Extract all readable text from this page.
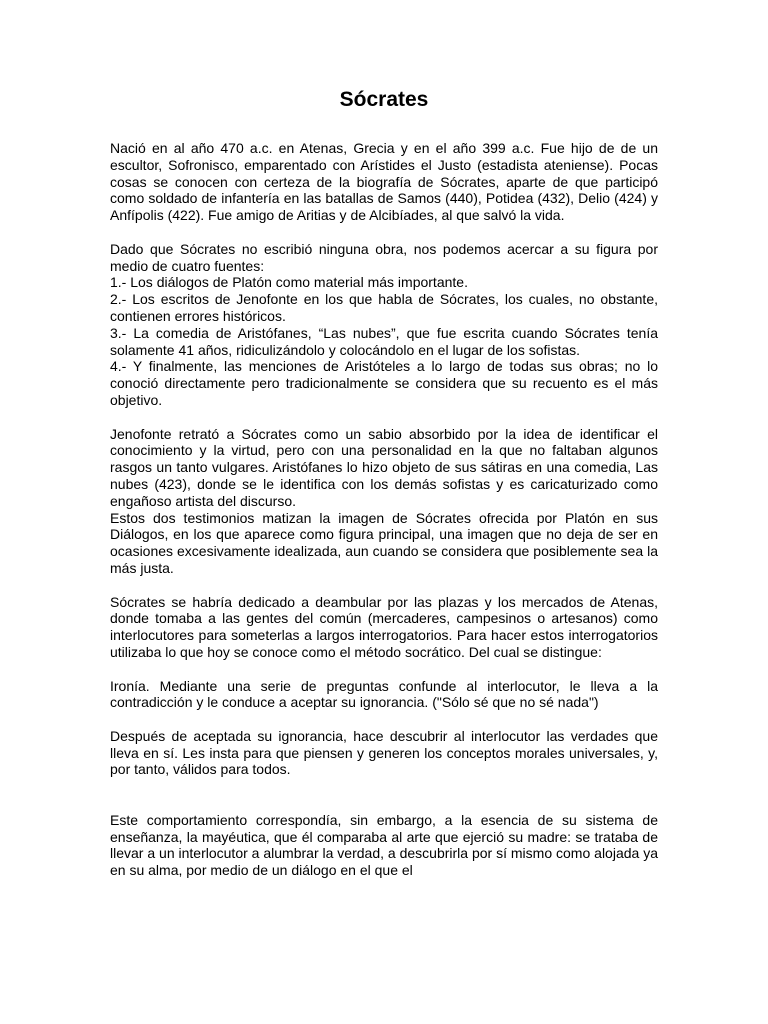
Sócrates
Nació en al año 470 a.c. en Atenas, Grecia y en el año 399 a.c. Fue hijo de de un escultor, Sofronisco, emparentado con Arístides el Justo (estadista ateniense). Pocas cosas se conocen con certeza de la biografía de Sócrates, aparte de que participó como soldado de infantería en las batallas de Samos (440), Potidea (432), Delio (424) y Anfípolis (422). Fue amigo de Aritias y de Alcibíades, al que salvó la vida.
Dado que Sócrates no escribió ninguna obra, nos podemos acercar a su figura por medio de cuatro fuentes:
1.- Los diálogos de Platón como material más importante.
2.- Los escritos de Jenofonte en los que habla de Sócrates, los cuales, no obstante, contienen errores históricos.
3.- La comedia de Aristófanes, “Las nubes”, que fue escrita cuando Sócrates tenía solamente 41 años, ridiculizándolo y colocándolo en el lugar de los sofistas.
4.- Y finalmente, las menciones de Aristóteles a lo largo de todas sus obras; no lo conoció directamente pero tradicionalmente se considera que su recuento es el más objetivo.
Jenofonte retrató a Sócrates como un sabio absorbido por la idea de identificar el conocimiento y la virtud, pero con una personalidad en la que no faltaban algunos rasgos un tanto vulgares. Aristófanes lo hizo objeto de sus sátiras en una comedia, Las nubes (423), donde se le identifica con los demás sofistas y es caricaturizado como engañoso artista del discurso.
Estos dos testimonios matizan la imagen de Sócrates ofrecida por Platón en sus Diálogos, en los que aparece como figura principal, una imagen que no deja de ser en ocasiones excesivamente idealizada, aun cuando se considera que posiblemente sea la más justa.
Sócrates se habría dedicado a deambular por las plazas y los mercados de Atenas, donde tomaba a las gentes del común (mercaderes, campesinos o artesanos) como interlocutores para someterlas a largos interrogatorios. Para hacer estos interrogatorios utilizaba lo que hoy se conoce como el método socrático. Del cual se distingue:
Ironía. Mediante una serie de preguntas confunde al interlocutor, le lleva a la contradicción y le conduce a aceptar su ignorancia. ("Sólo sé que no sé nada")
Después de aceptada su ignorancia, hace descubrir al interlocutor las verdades que lleva en sí. Les insta para que piensen y generen los conceptos morales universales, y, por tanto, válidos para todos.
Este comportamiento correspondía, sin embargo, a la esencia de su sistema de enseñanza, la mayéutica, que él comparaba al arte que ejerció su madre: se trataba de llevar a un interlocutor a alumbrar la verdad, a descubrirla por sí mismo como alojada ya en su alma, por medio de un diálogo en el que el
